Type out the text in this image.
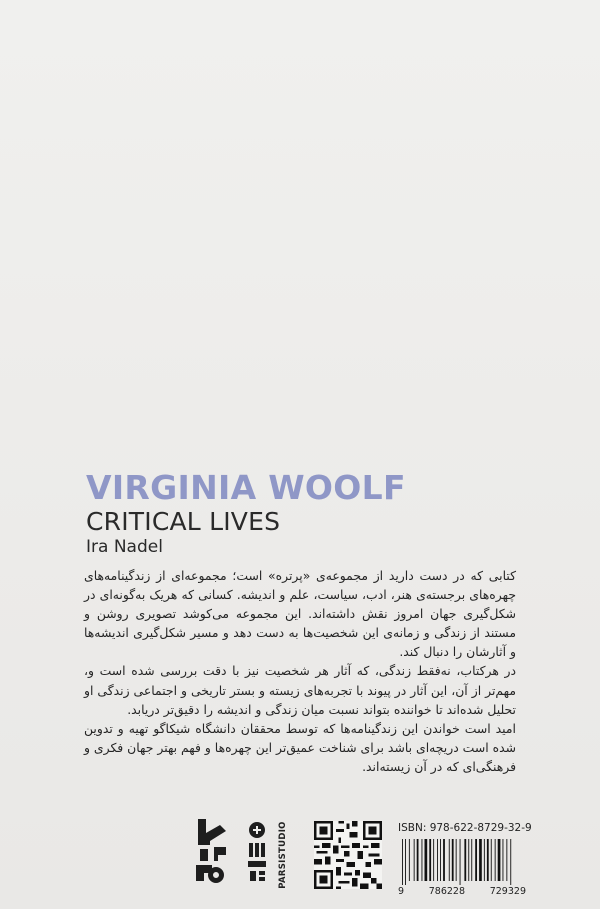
VIRGINIA WOOLF
CRITICAL LIVES
Ira Nadel

کتابی که در دست دارید از مجموعه‌ی «پرتره» است؛ مجموعه‌ای از زندگینامه‌های چهره‌های برجسته‌ی هنر، ادب، سیاست، علم و اندیشه. کسانی که هریک به‌گونه‌ای در شکل‌گیری جهان امروز نقش داشته‌اند. این مجموعه می‌کوشد تصویری روشن و مستند از زندگی و زمانه‌ی این شخصیت‌ها به دست دهد و مسیر شکل‌گیری اندیشه‌ها و آثارشان را دنبال کند.

در هرکتاب، نه‌فقط زندگی، که آثار هر شخصیت نیز با دقت بررسی شده است و، مهم‌تر از آن، این آثار در پیوند با تجربه‌های زیسته و بستر تاریخی و اجتماعی زندگی او تحلیل شده‌اند تا خواننده بتواند نسبت میان زندگی و اندیشه را دقیق‌تر دریابد.

امید است خواندن این زندگینامه‌ها که توسط محققان دانشگاه شیکاگو تهیه و تدوین شده است دریچه‌ای باشد برای شناخت عمیق‌تر این چهره‌ها و فهم بهتر جهان فکری و فرهنگی‌ای که در آن زیسته‌اند.

PARSISTUDIO	ISBN: 978-622-8729-32-9
9	786228	729329
